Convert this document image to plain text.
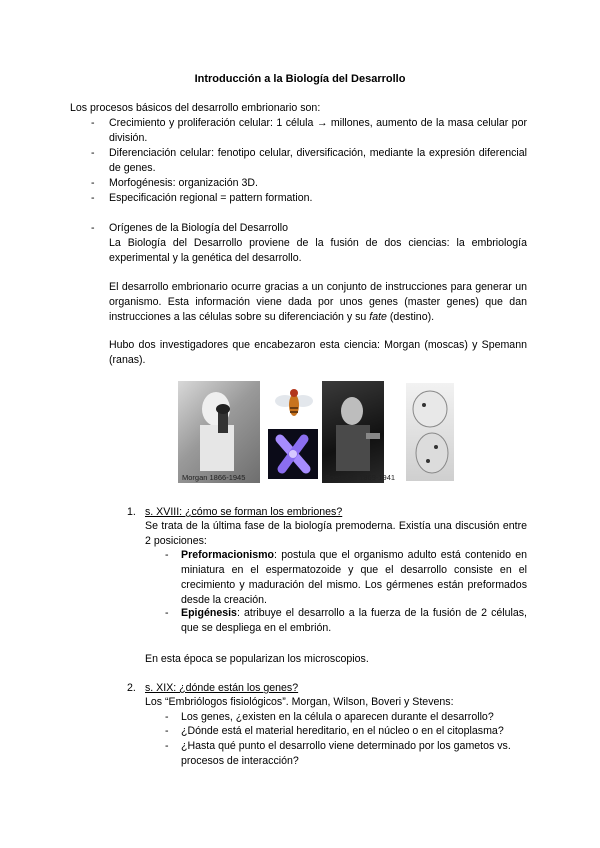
Introducción a la Biología del Desarrollo
Los procesos básicos del desarrollo embrionario son:
-	Crecimiento y proliferación celular: 1 célula → millones, aumento de la masa celular por división.
-	Diferenciación celular: fenotipo celular, diversificación, mediante la expresión diferencial de genes.
-	Morfogénesis: organización 3D.
-	Especificación regional = pattern formation.
-	Orígenes de la Biología del Desarrollo
La Biología del Desarrollo proviene de la fusión de dos ciencias: la embriología experimental y la genética del desarrollo.
El desarrollo embrionario ocurre gracias a un conjunto de instrucciones para generar un organismo. Esta información viene dada por unos genes (master genes) que dan instrucciones a las células sobre su diferenciación y su fate (destino).
Hubo dos investigadores que encabezaron esta ciencia: Morgan (moscas) y Spemann (ranas).
Morgan 1866-1945	Spemann 1869-1941
1. s. XVIII: ¿cómo se forman los embriones?
Se trata de la última fase de la biología premoderna. Existía una discusión entre 2 posiciones:
-	Preformacionismo: postula que el organismo adulto está contenido en miniatura en el espermatozoide y que el desarrollo consiste en el crecimiento y maduración del mismo. Los gérmenes están preformados desde la creación.
-	Epigénesis: atribuye el desarrollo a la fuerza de la fusión de 2 células, que se despliega en el embrión.
En esta época se popularizan los microscopios.
2. s. XIX: ¿dónde están los genes?
Los “Embriólogos fisiológicos”. Morgan, Wilson, Boveri y Stevens:
-	Los genes, ¿existen en la célula o aparecen durante el desarrollo?
-	¿Dónde está el material hereditario, en el núcleo o en el citoplasma?
-	¿Hasta qué punto el desarrollo viene determinado por los gametos vs. procesos de interacción?
